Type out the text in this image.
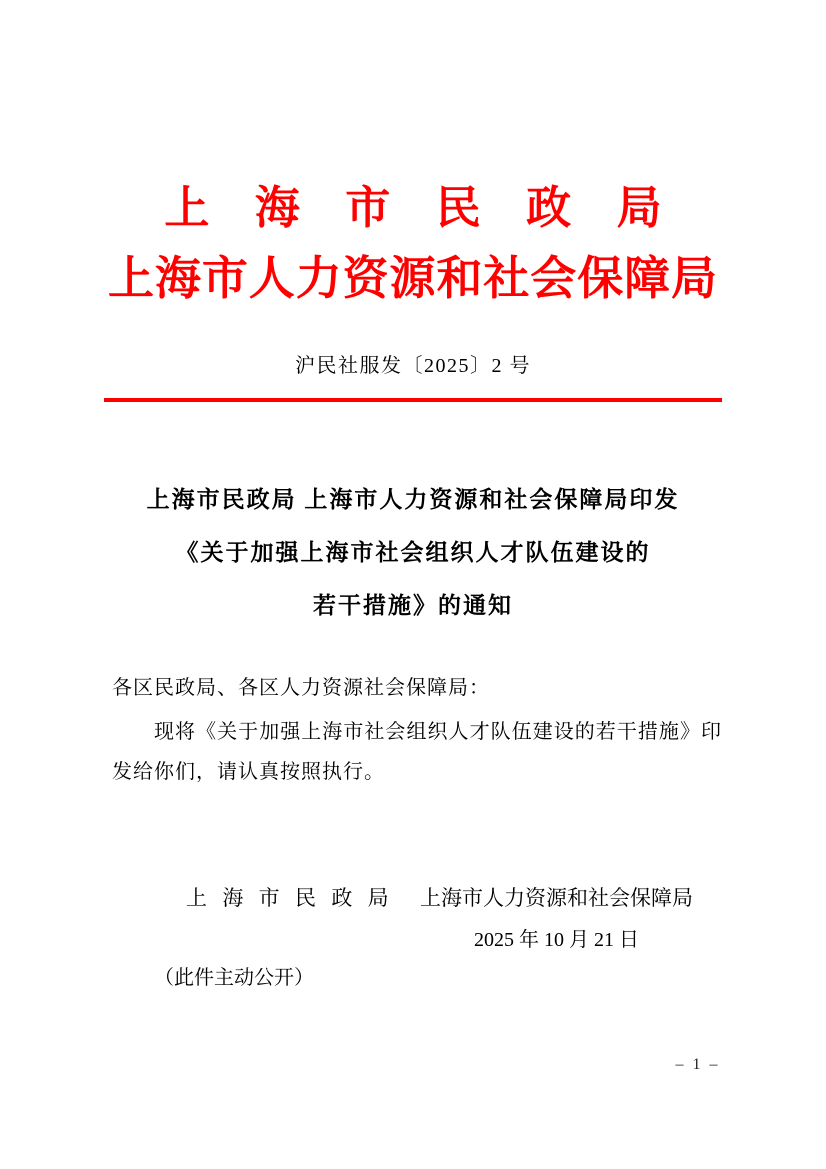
上 海 市 民 政 局
上海市人力资源和社会保障局
沪民社服发〔2025〕2 号
上海市民政局 上海市人力资源和社会保障局印发
《关于加强上海市社会组织人才队伍建设的
若干措施》的通知
各区民政局、各区人力资源社会保障局：

现将《关于加强上海市社会组织人才队伍建设的若干措施》印发给你们，请认真按照执行。

上 海 市 民 政 局 上海市人力资源和社会保障局
2025 年 10 月 21 日
（此件主动公开）
– 1 –
